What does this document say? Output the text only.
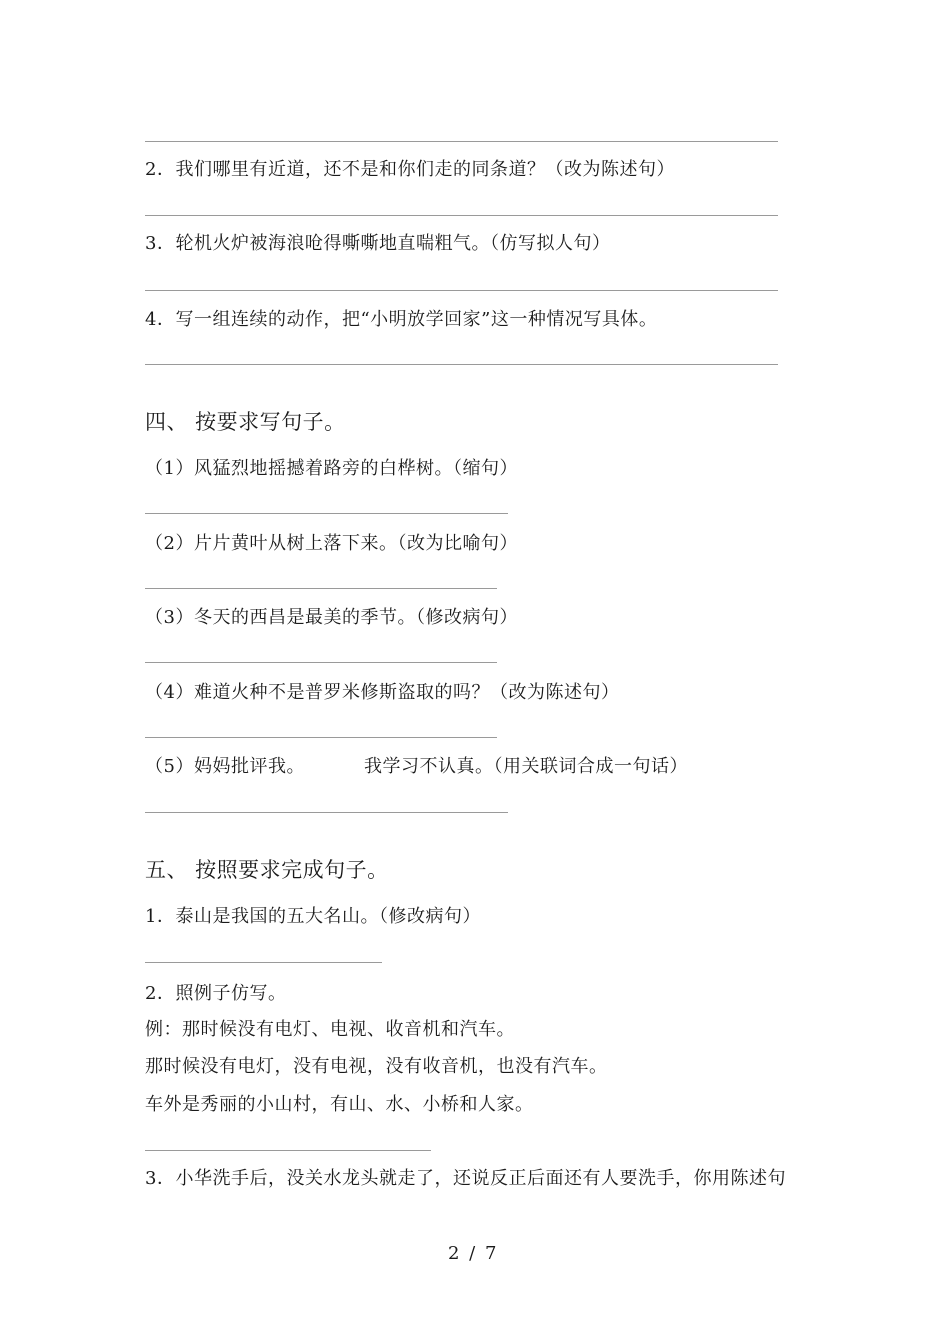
2．我们哪里有近道，还不是和你们走的同条道？（改为陈述句）
3．轮机火炉被海浪呛得嘶嘶地直喘粗气。（仿写拟人句）
4．写一组连续的动作，把“小明放学回家”这一种情况写具体。
四、 按要求写句子。
（1）风猛烈地摇撼着路旁的白桦树。（缩句）
（2）片片黄叶从树上落下来。（改为比喻句）
（3）冬天的西昌是最美的季节。（修改病句）
（4）难道火种不是普罗米修斯盗取的吗？（改为陈述句）
（5）妈妈批评我。	我学习不认真。（用关联词合成一句话）
五、 按照要求完成句子。
1．泰山是我国的五大名山。（修改病句）
2．照例子仿写。
例：那时候没有电灯、电视、收音机和汽车。
那时候没有电灯，没有电视，没有收音机，也没有汽车。
车外是秀丽的小山村，有山、水、小桥和人家。
3．小华洗手后，没关水龙头就走了，还说反正后面还有人要洗手，你用陈述句
2 / 7
